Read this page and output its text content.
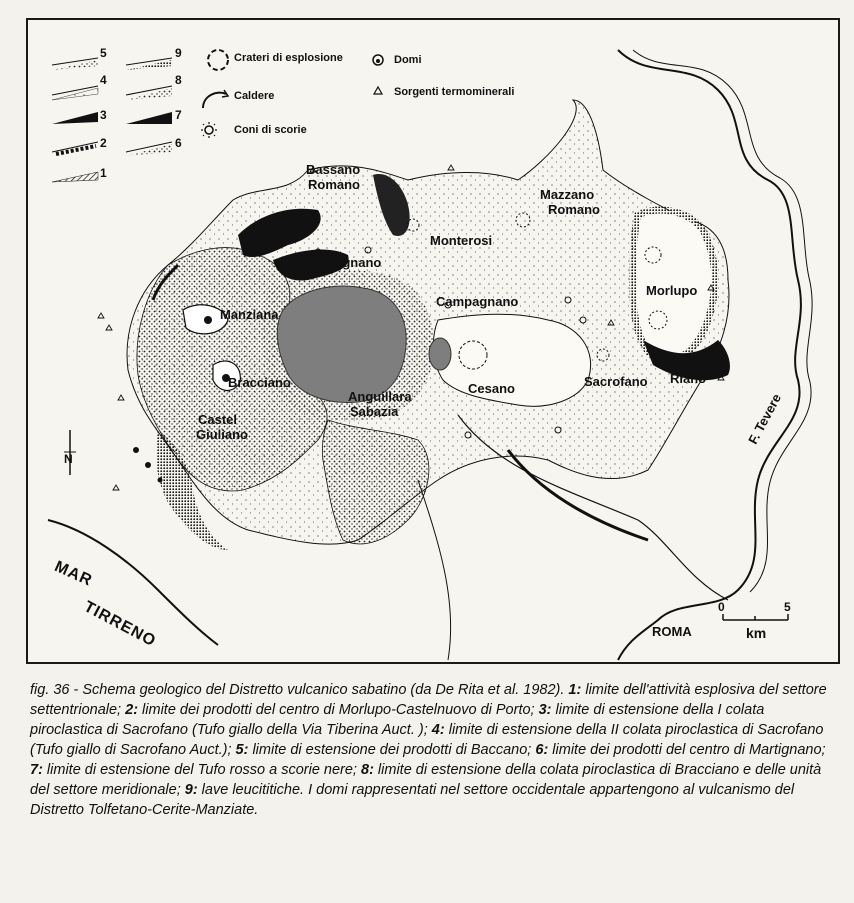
5	9
4	8
3	7
2	6
1
Crateri di esplosione
Caldere
Coni di scorie
Domi
Sorgenti termominerali
Bassano
Romano
Mazzano
Romano
Monterosi
Trevignano
Campagnano
Morlupo
Manziana
Bracciano
Anguillara
Sabazia
Cesano	Sacrofano Riano
Castel
Giuliano	F. Tevere
MAR
TIRRENO	ROMA
N
0	5
km
fig. 36 - Schema geologico del Distretto vulcanico sabatino (da De Rita et al. 1982). 1: limite dell'attività esplosiva del settore settentrionale; 2: limite dei prodotti del centro di Morlupo-Castelnuovo di Porto; 3: limite di estensione della I colata piroclastica di Sacrofano (Tufo giallo della Via Tiberina Auct. ); 4: limite di estensione della II colata piroclastica di Sacrofano (Tufo giallo di Sacrofano Auct.); 5: limite di estensione dei prodotti di Baccano; 6: limite dei prodotti del centro di Martignano; 7: limite di estensione del Tufo rosso a scorie nere; 8: limite di estensione della colata piroclastica di Bracciano e delle unità del settore meridionale; 9: lave leucititiche. I domi rappresentati nel settore occidentale appartengono al vulcanismo del Distretto Tolfetano-Cerite-Manziate.
